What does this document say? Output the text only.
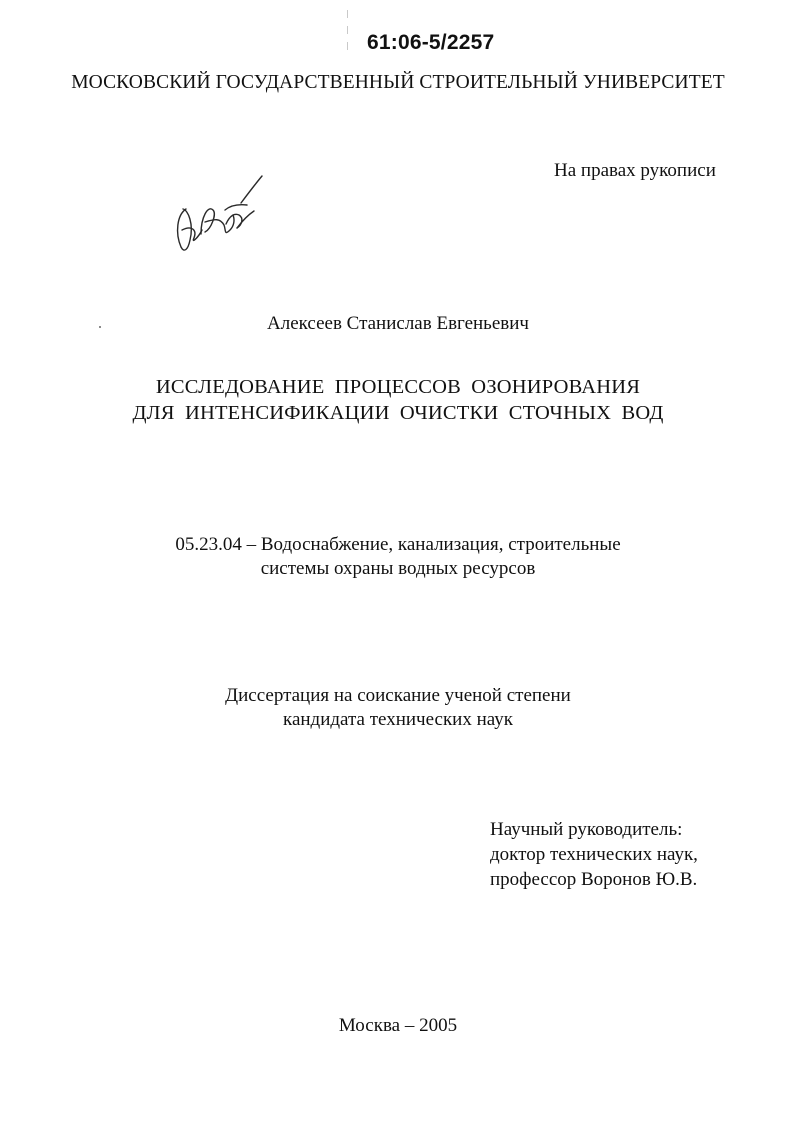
61:06-5/2257
МОСКОВСКИЙ ГОСУДАРСТВЕННЫЙ СТРОИТЕЛЬНЫЙ УНИВЕРСИТЕТ
На правах рукописи
Алексеев Станислав Евгеньевич
ИССЛЕДОВАНИЕ ПРОЦЕССОВ ОЗОНИРОВАНИЯ
ДЛЯ ИНТЕНСИФИКАЦИИ ОЧИСТКИ СТОЧНЫХ ВОД
05.23.04 – Водоснабжение, канализация, строительные
системы охраны водных ресурсов
Диссертация на соискание ученой степени
кандидата технических наук
Научный руководитель:
доктор технических наук,
профессор Воронов Ю.В.
Москва – 2005
